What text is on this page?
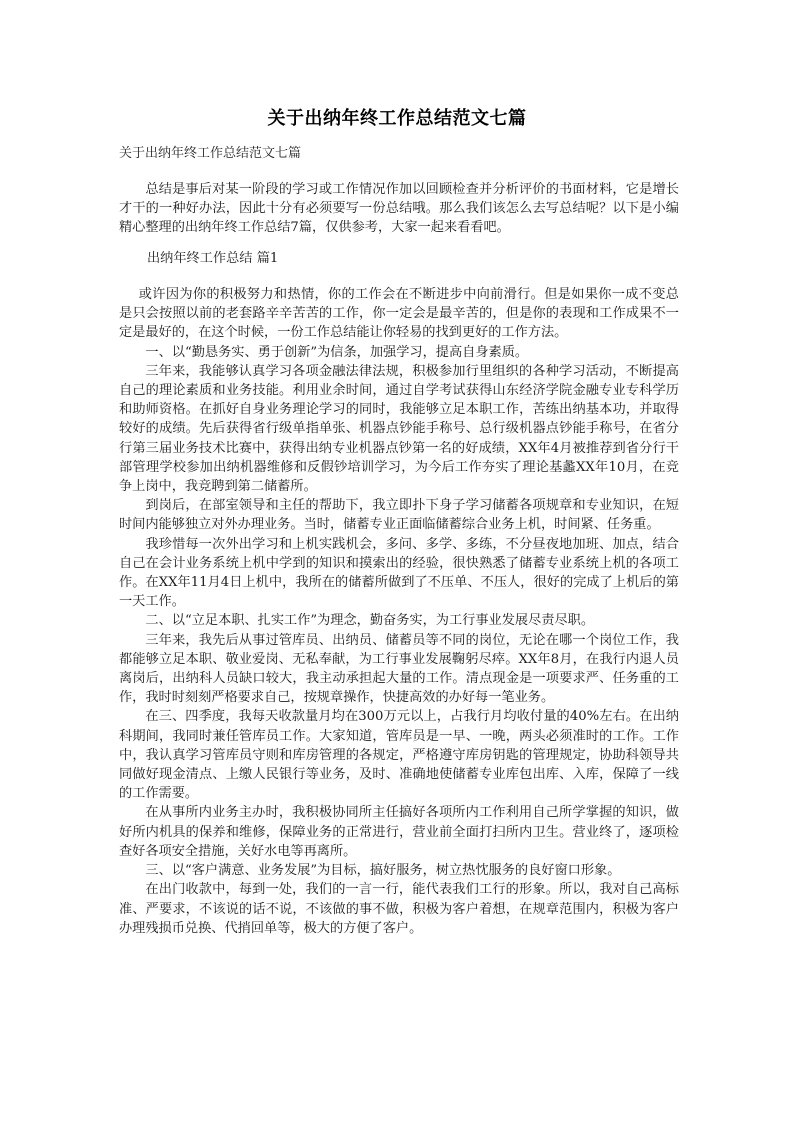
关于出纳年终工作总结范文七篇
关于出纳年终工作总结范文七篇

总结是事后对某一阶段的学习或工作情况作加以回顾检查并分析评价的书面材料，它是增长才干的一种好办法，因此十分有必须要写一份总结哦。那么我们该怎么去写总结呢？以下是小编精心整理的出纳年终工作总结7篇，仅供参考，大家一起来看看吧。

出纳年终工作总结 篇1

或许因为你的积极努力和热情，你的工作会在不断进步中向前滑行。但是如果你一成不变总是只会按照以前的老套路辛辛苦苦的工作，你一定会是最辛苦的，但是你的表现和工作成果不一定是最好的，在这个时候，一份工作总结能让你轻易的找到更好的工作方法。

一、以“勤恳务实、勇于创新”为信条，加强学习，提高自身素质。

三年来，我能够认真学习各项金融法律法规，积极参加行里组织的各种学习活动，不断提高自己的理论素质和业务技能。利用业余时间，通过自学考试获得山东经济学院金融专业专科学历和助师资格。在抓好自身业务理论学习的同时，我能够立足本职工作，苦练出纳基本功，并取得较好的成绩。先后获得省行级单指单张、机器点钞能手称号、总行级机器点钞能手称号，在省分行第三届业务技术比赛中，获得出纳专业机器点钞第一名的好成绩，XX年4月被推荐到省分行干部管理学校参加出纳机器维修和反假钞培训学习，为今后工作夯实了理论基蠡XX年10月，在竞争上岗中，我竞聘到第二储蓄所。

到岗后，在部室领导和主任的帮助下，我立即扑下身子学习储蓄各项规章和专业知识，在短时间内能够独立对外办理业务。当时，储蓄专业正面临储蓄综合业务上机，时间紧、任务重。

我珍惜每一次外出学习和上机实践机会，多问、多学、多练，不分昼夜地加班、加点，结合自己在会计业务系统上机中学到的知识和摸索出的经验，很快熟悉了储蓄专业系统上机的各项工作。在XX年11月4日上机中，我所在的储蓄所做到了不压单、不压人，很好的完成了上机后的第一天工作。

二、以“立足本职、扎实工作”为理念，勤奋务实，为工行事业发展尽责尽职。

三年来，我先后从事过管库员、出纳员、储蓄员等不同的岗位，无论在哪一个岗位工作，我都能够立足本职、敬业爱岗、无私奉献，为工行事业发展鞠躬尽瘁。XX年8月，在我行内退人员离岗后，出纳科人员缺口较大，我主动承担起大量的工作。清点现金是一项要求严、任务重的工作，我时时刻刻严格要求自己，按规章操作，快捷高效的办好每一笔业务。

在三、四季度，我每天收款量月均在300万元以上，占我行月均收付量的40%左右。在出纳科期间，我同时兼任管库员工作。大家知道，管库员是一早、一晚，两头必须准时的工作。工作中，我认真学习管库员守则和库房管理的各规定，严格遵守库房钥匙的管理规定，协助科领导共同做好现金清点、上缴人民银行等业务，及时、准确地使储蓄专业库包出库、入库，保障了一线的工作需要。

在从事所内业务主办时，我积极协同所主任搞好各项所内工作利用自己所学掌握的知识，做好所内机具的保养和维修，保障业务的正常进行，营业前全面打扫所内卫生。营业终了，逐项检查好各项安全措施，关好水电等再离所。

三、以“客户满意、业务发展”为目标，搞好服务，树立热忱服务的良好窗口形象。

在出门收款中，每到一处，我们的一言一行，能代表我们工行的形象。所以，我对自己高标准、严要求，不该说的话不说，不该做的事不做，积极为客户着想，在规章范围内，积极为客户办理残损币兑换、代捎回单等，极大的方便了客户。
